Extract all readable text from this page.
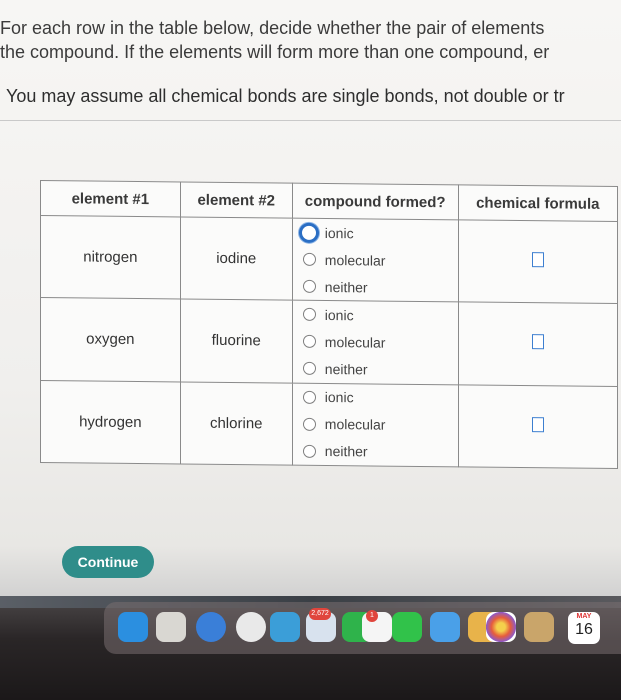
For each row in the table below, decide whether the pair of elements
the compound. If the elements will form more than one compound, er
You may assume all chemical bonds are single bonds, not double or tr
element #1	element #2	compound formed?	chemical formula
nitrogen	iodine	ionic
molecular
neither	

oxygen	fluorine	ionic
molecular
neither	

hydrogen	chlorine	ionic
molecular
neither	

Continue
2,672	1	MAY
16
